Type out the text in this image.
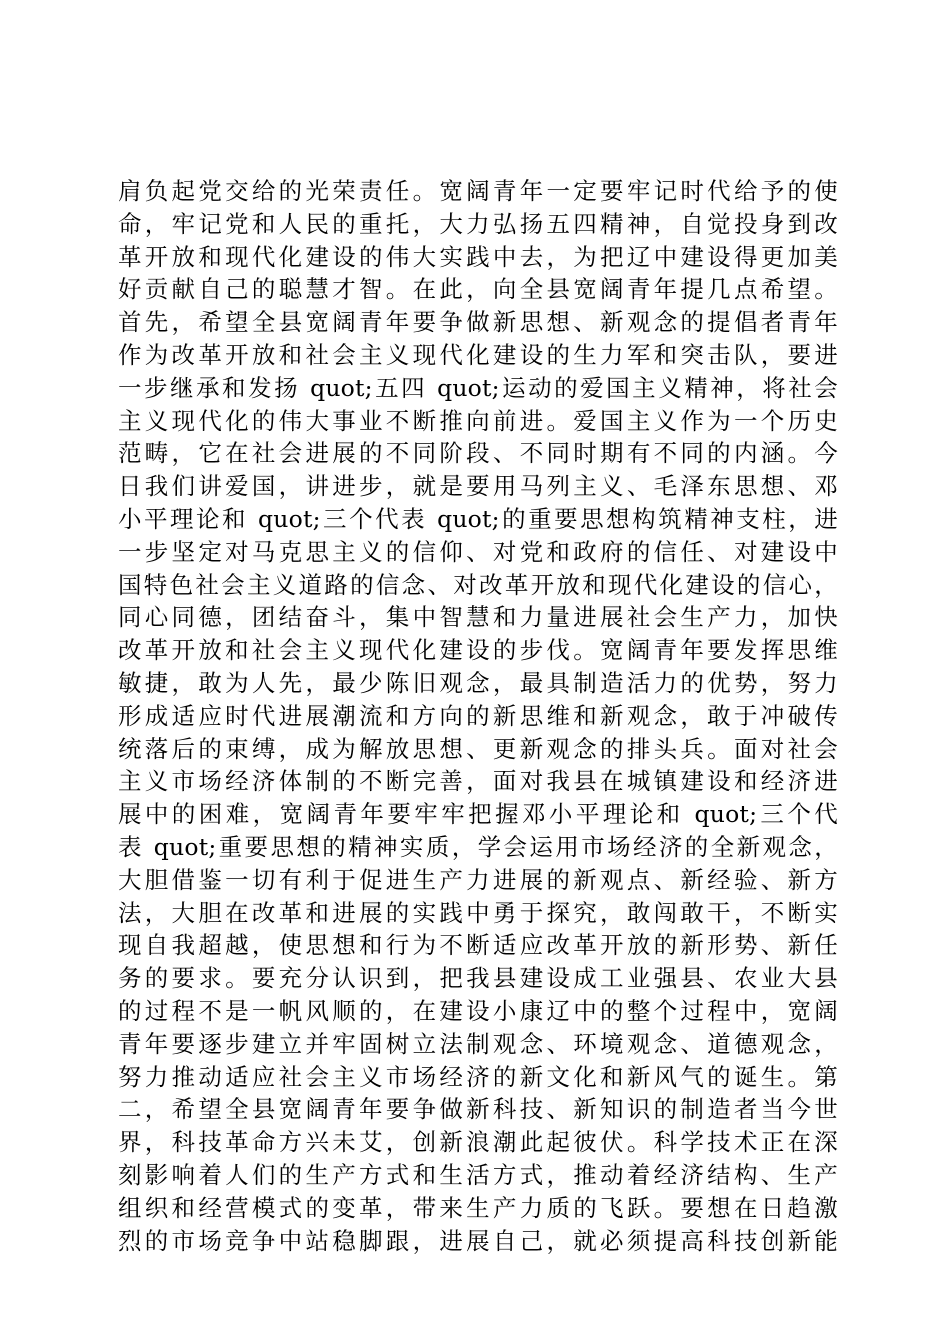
肩负起党交给的光荣责任。宽阔青年一定要牢记时代给予的使
命，牢记党和人民的重托，大力弘扬五四精神，自觉投身到改
革开放和现代化建设的伟大实践中去，为把辽中建设得更加美
好贡献自己的聪慧才智。在此，向全县宽阔青年提几点希望。
首先，希望全县宽阔青年要争做新思想、新观念的提倡者青年
作为改革开放和社会主义现代化建设的生力军和突击队，要进
一步继承和发扬 quot;五四 quot;运动的爱国主义精神，将社会
主义现代化的伟大事业不断推向前进。爱国主义作为一个历史
范畴，它在社会进展的不同阶段、不同时期有不同的内涵。今
日我们讲爱国，讲进步，就是要用马列主义、毛泽东思想、邓
小平理论和 quot;三个代表 quot;的重要思想构筑精神支柱，进
一步坚定对马克思主义的信仰、对党和政府的信任、对建设中
国特色社会主义道路的信念、对改革开放和现代化建设的信心，
同心同德，团结奋斗，集中智慧和力量进展社会生产力，加快
改革开放和社会主义现代化建设的步伐。宽阔青年要发挥思维
敏捷，敢为人先，最少陈旧观念，最具制造活力的优势，努力
形成适应时代进展潮流和方向的新思维和新观念，敢于冲破传
统落后的束缚，成为解放思想、更新观念的排头兵。面对社会
主义市场经济体制的不断完善，面对我县在城镇建设和经济进
展中的困难，宽阔青年要牢牢把握邓小平理论和 quot;三个代
表 quot;重要思想的精神实质，学会运用市场经济的全新观念，
大胆借鉴一切有利于促进生产力进展的新观点、新经验、新方
法，大胆在改革和进展的实践中勇于探究，敢闯敢干，不断实
现自我超越，使思想和行为不断适应改革开放的新形势、新任
务的要求。要充分认识到，把我县建设成工业强县、农业大县
的过程不是一帆风顺的，在建设小康辽中的整个过程中，宽阔
青年要逐步建立并牢固树立法制观念、环境观念、道德观念，
努力推动适应社会主义市场经济的新文化和新风气的诞生。第
二，希望全县宽阔青年要争做新科技、新知识的制造者当今世
界，科技革命方兴未艾，创新浪潮此起彼伏。科学技术正在深
刻影响着人们的生产方式和生活方式，推动着经济结构、生产
组织和经营模式的变革，带来生产力质的飞跃。要想在日趋激
烈的市场竞争中站稳脚跟，进展自己，就必须提高科技创新能
